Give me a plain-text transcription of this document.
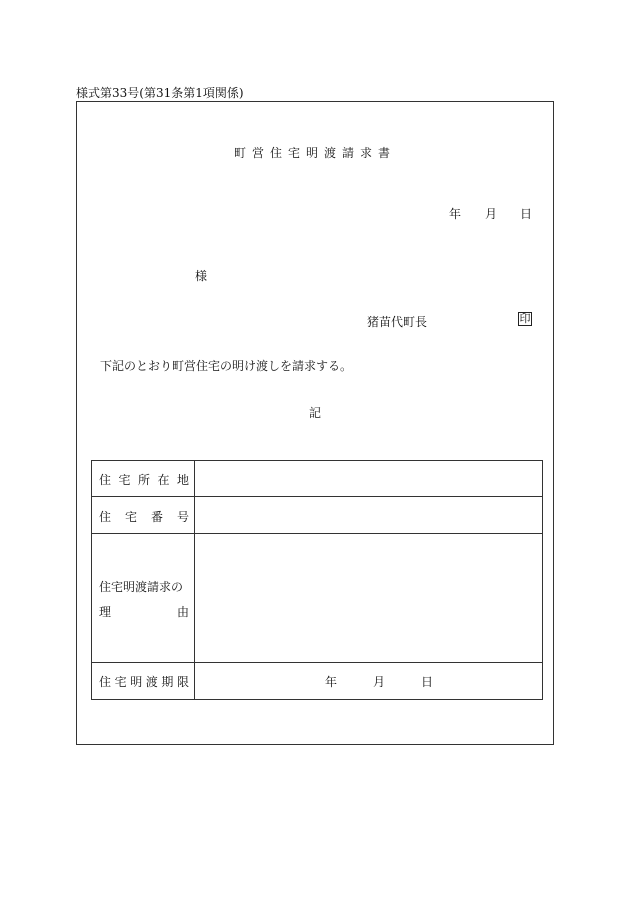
様式第33号(第31条第1項関係)
町営住宅明渡請求書
年 月 日
様
猪苗代町長	印
下記のとおり町営住宅の明け渡しを請求する。
記
住 宅 所 在 地
住 宅 番 号
住宅明渡請求の
理	由
住 宅 明 渡 期 限	年	月	日
